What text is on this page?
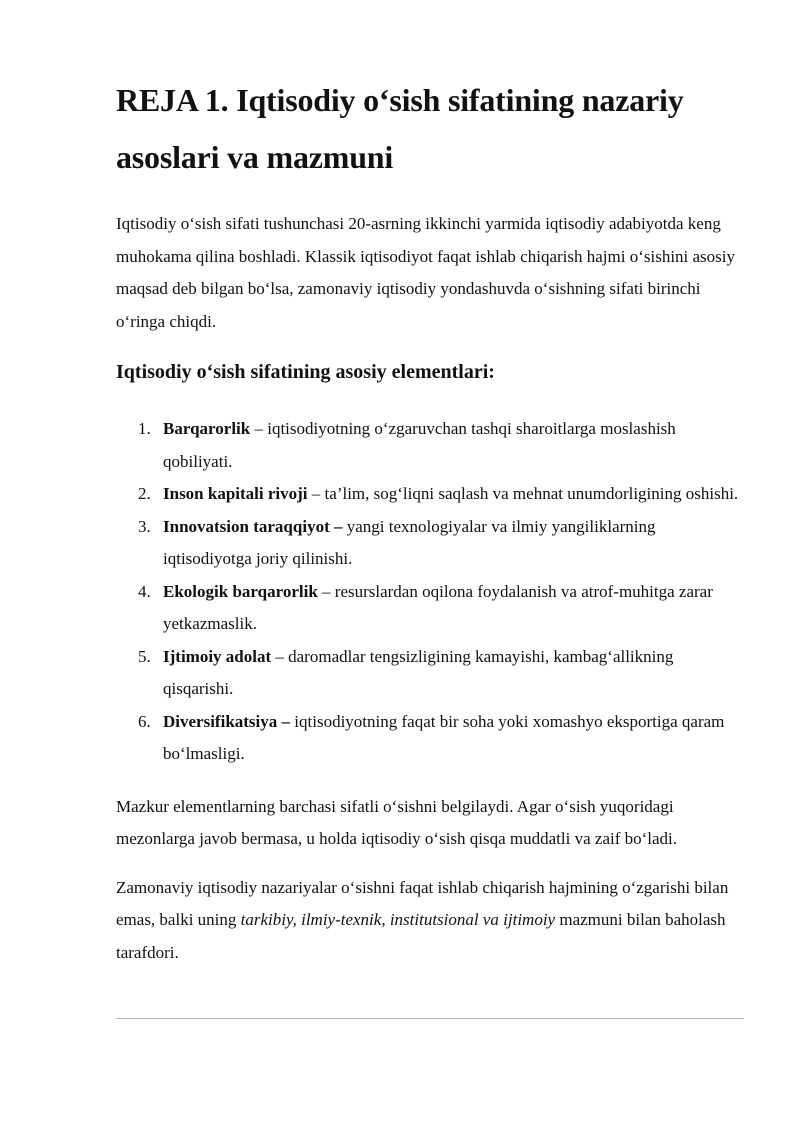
REJA 1. Iqtisodiy o‘sish sifatining nazariy asoslari va mazmuni

Iqtisodiy o‘sish sifati tushunchasi 20-asrning ikkinchi yarmida iqtisodiy adabiyotda keng muhokama qilina boshladi. Klassik iqtisodiyot faqat ishlab chiqarish hajmi o‘sishini asosiy maqsad deb bilgan bo‘lsa, zamonaviy iqtisodiy yondashuvda o‘sishning sifati birinchi o‘ringa chiqdi.

Iqtisodiy o‘sish sifatining asosiy elementlari:
1. Barqarorlik – iqtisodiyotning o‘zgaruvchan tashqi sharoitlarga moslashish qobiliyati.
2. Inson kapitali rivoji – ta’lim, sog‘liqni saqlash va mehnat unumdorligining oshishi.
3. Innovatsion taraqqiyot – yangi texnologiyalar va ilmiy yangiliklarning iqtisodiyotga joriy qilinishi.
4. Ekologik barqarorlik – resurslardan oqilona foydalanish va atrof-muhitga zarar yetkazmaslik.
5. Ijtimoiy adolat – daromadlar tengsizligining kamayishi, kambag‘allikning qisqarishi.
6. Diversifikatsiya – iqtisodiyotning faqat bir soha yoki xomashyo eksportiga qaram bo‘lmasligi.

Mazkur elementlarning barchasi sifatli o‘sishni belgilaydi. Agar o‘sish yuqoridagi mezonlarga javob bermasa, u holda iqtisodiy o‘sish qisqa muddatli va zaif bo‘ladi.

Zamonaviy iqtisodiy nazariyalar o‘sishni faqat ishlab chiqarish hajmining o‘zgarishi bilan emas, balki uning tarkibiy, ilmiy-texnik, institutsional va ijtimoiy mazmuni bilan baholash tarafdori.
